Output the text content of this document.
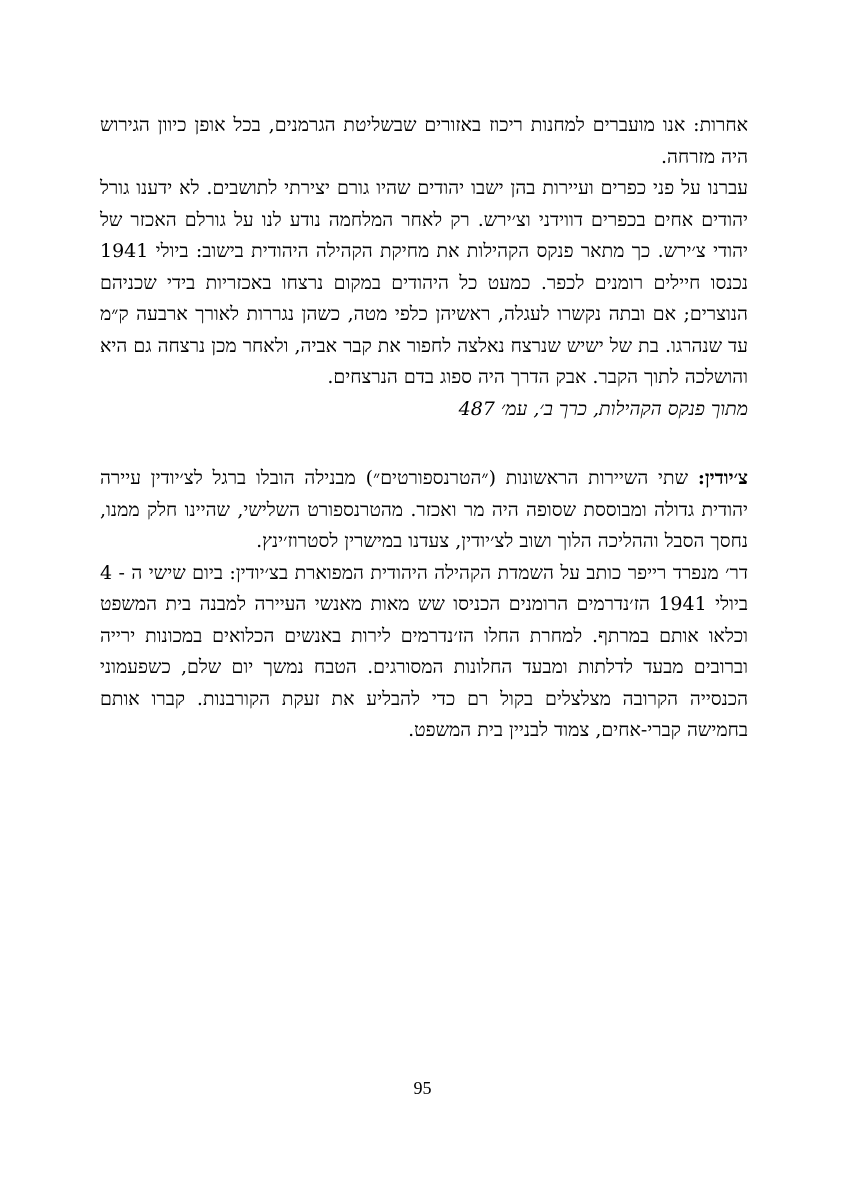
אחרות: אנו מועברים למחנות ריכוז באזורים שבשליטת הגרמנים, בכל אופן כיוון הגירוש היה מזרחה.

עברנו על פני כפרים ועיירות בהן ישבו יהודים שהיו גורם יצירתי לתושבים. לא ידענו גורל יהודים אחים בכפרים דווידני וצ׳ירש. רק לאחר המלחמה נודע לנו על גורלם האכזר של יהודי צ׳ירש. כך מתאר פנקס הקהילות את מחיקת הקהילה היהודית בישוב: ביולי 1941 נכנסו חיילים רומנים לכפר. כמעט כל היהודים במקום נרצחו באכזריות בידי שכניהם הנוצרים; אם ובתה נקשרו לעגלה, ראשיהן כלפי מטה, כשהן נגררות לאורך ארבעה ק״מ עד שנהרגו. בת של ישיש שנרצח נאלצה לחפור את קבר אביה, ולאחר מכן נרצחה גם היא והושלכה לתוך הקבר. אבק הדרך היה ספוג בדם הנרצחים.

מתוך פנקס הקהילות, כרך ב׳, עמ׳ 487

צ׳יודין: שתי השיירות הראשונות (״הטרנספורטים״) מבנילה הובלו ברגל לצ׳יודין עיירה יהודית גדולה ומבוססת שסופה היה מר ואכזר. מהטרנספורט השלישי, שהיינו חלק ממנו, נחסך הסבל וההליכה הלוך ושוב לצ׳יודין, צעדנו במישרין לסטרוז׳ינץ.

דר׳ מנפרד רייפר כותב על השמדת הקהילה היהודית המפוארת בצ׳יודין: ביום שישי ה - 4 ביולי 1941 הז׳נדרמים הרומנים הכניסו שש מאות מאנשי העיירה למבנה בית המשפט וכלאו אותם במרתף. למחרת החלו הז׳נדרמים לירות באנשים הכלואים במכונות ירייה וברובים מבעד לדלתות ומבעד החלונות המסורגים. הטבח נמשך יום שלם, כשפעמוני הכנסייה הקרובה מצלצלים בקול רם כדי להבליע את זעקת הקורבנות. קברו אותם בחמישה קברי-אחים, צמוד לבניין בית המשפט.

95
